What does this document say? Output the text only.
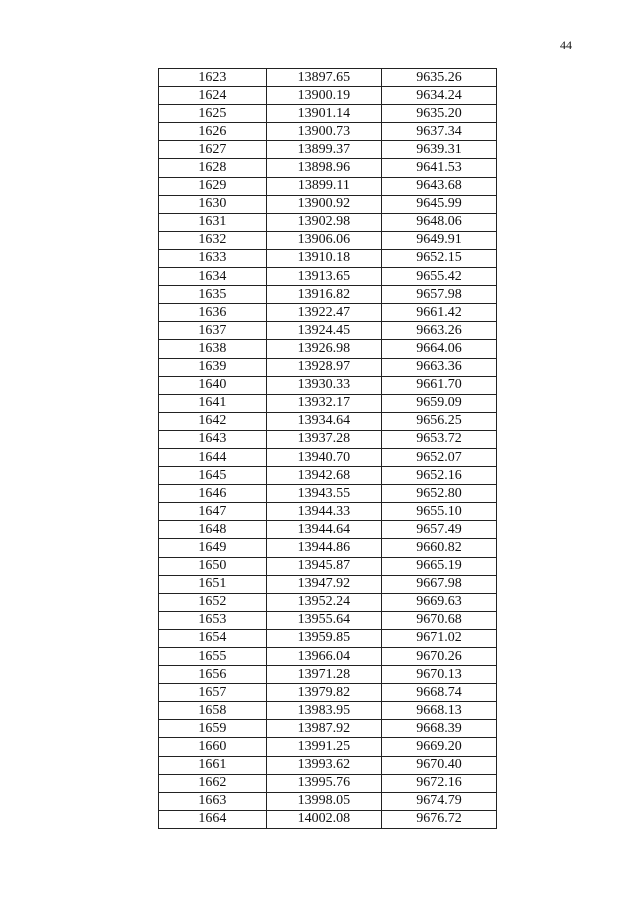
44
1623	13897.65	9635.26
1624	13900.19	9634.24
1625	13901.14	9635.20
1626	13900.73	9637.34
1627	13899.37	9639.31
1628	13898.96	9641.53
1629	13899.11	9643.68
1630	13900.92	9645.99
1631	13902.98	9648.06
1632	13906.06	9649.91
1633	13910.18	9652.15
1634	13913.65	9655.42
1635	13916.82	9657.98
1636	13922.47	9661.42
1637	13924.45	9663.26
1638	13926.98	9664.06
1639	13928.97	9663.36
1640	13930.33	9661.70
1641	13932.17	9659.09
1642	13934.64	9656.25
1643	13937.28	9653.72
1644	13940.70	9652.07
1645	13942.68	9652.16
1646	13943.55	9652.80
1647	13944.33	9655.10
1648	13944.64	9657.49
1649	13944.86	9660.82
1650	13945.87	9665.19
1651	13947.92	9667.98
1652	13952.24	9669.63
1653	13955.64	9670.68
1654	13959.85	9671.02
1655	13966.04	9670.26
1656	13971.28	9670.13
1657	13979.82	9668.74
1658	13983.95	9668.13
1659	13987.92	9668.39
1660	13991.25	9669.20
1661	13993.62	9670.40
1662	13995.76	9672.16
1663	13998.05	9674.79
1664	14002.08	9676.72
